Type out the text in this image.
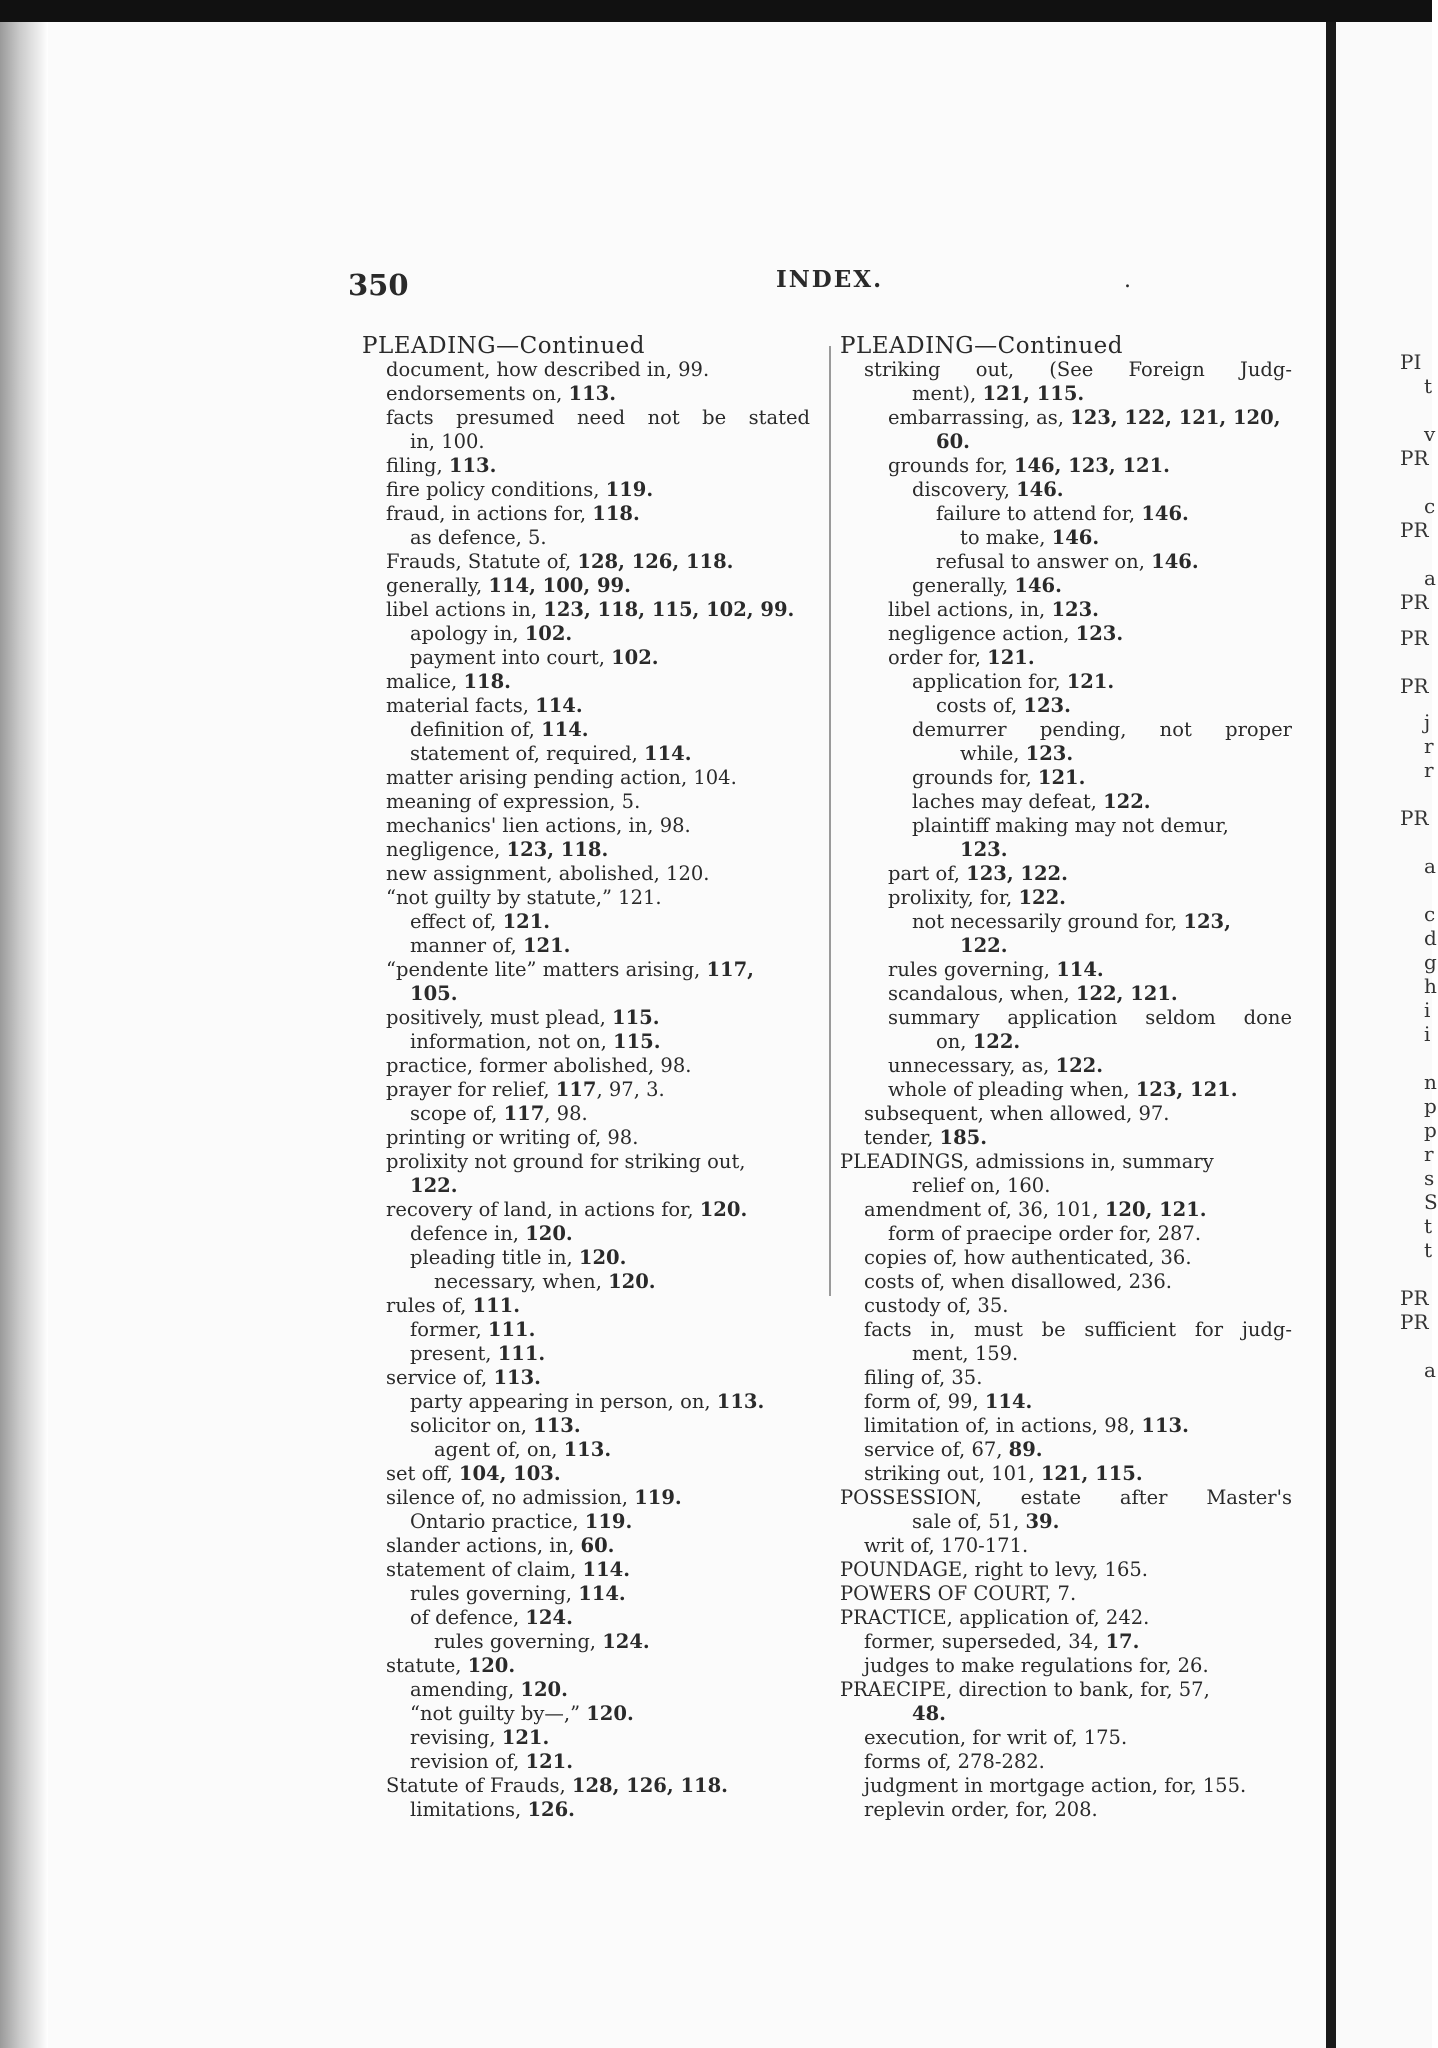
PI
t
v
PR
c
PR
a
PR
PR
PR
j
r
r
PR
a
c
d
g
h
i
i
n
p
p
r
s
S
t
t
PR
PR
a
350	INDEX.	.
PLEADING—Continued
document, how described in, 99.
endorsements on, 113.
facts presumed need not be stated
in, 100.
filing, 113.
fire policy conditions, 119.
fraud, in actions for, 118.
as defence, 5.
Frauds, Statute of, 128, 126, 118.
generally, 114, 100, 99.
libel actions in, 123, 118, 115, 102, 99.
apology in, 102.
payment into court, 102.
malice, 118.
material facts, 114.
definition of, 114.
statement of, required, 114.
matter arising pending action, 104.
meaning of expression, 5.
mechanics' lien actions, in, 98.
negligence, 123, 118.
new assignment, abolished, 120.
“not guilty by statute,” 121.
effect of, 121.
manner of, 121.
“pendente lite” matters arising, 117,
105.
positively, must plead, 115.
information, not on, 115.
practice, former abolished, 98.
prayer for relief, 117, 97, 3.
scope of, 117, 98.
printing or writing of, 98.
prolixity not ground for striking out,
122.
recovery of land, in actions for, 120.
defence in, 120.
pleading title in, 120.
necessary, when, 120.
rules of, 111.
former, 111.
present, 111.
service of, 113.
party appearing in person, on, 113.
solicitor on, 113.
agent of, on, 113.
set off, 104, 103.
silence of, no admission, 119.
Ontario practice, 119.
slander actions, in, 60.
statement of claim, 114.
rules governing, 114.
of defence, 124.
rules governing, 124.
statute, 120.
amending, 120.
“not guilty by—,” 120.
revising, 121.
revision of, 121.
Statute of Frauds, 128, 126, 118.
limitations, 126.
PLEADING—Continued
striking out, (See Foreign Judg-
ment), 121, 115.
embarrassing, as, 123, 122, 121, 120,
60.
grounds for, 146, 123, 121.
discovery, 146.
failure to attend for, 146.
to make, 146.
refusal to answer on, 146.
generally, 146.
libel actions, in, 123.
negligence action, 123.
order for, 121.
application for, 121.
costs of, 123.
demurrer pending, not proper
while, 123.
grounds for, 121.
laches may defeat, 122.
plaintiff making may not demur,
123.
part of, 123, 122.
prolixity, for, 122.
not necessarily ground for, 123,
122.
rules governing, 114.
scandalous, when, 122, 121.
summary application seldom done
on, 122.
unnecessary, as, 122.
whole of pleading when, 123, 121.
subsequent, when allowed, 97.
tender, 185.
PLEADINGS, admissions in, summary
relief on, 160.
amendment of, 36, 101, 120, 121.
form of praecipe order for, 287.
copies of, how authenticated, 36.
costs of, when disallowed, 236.
custody of, 35.
facts in, must be sufficient for judg-
ment, 159.
filing of, 35.
form of, 99, 114.
limitation of, in actions, 98, 113.
service of, 67, 89.
striking out, 101, 121, 115.
POSSESSION, estate after Master's
sale of, 51, 39.
writ of, 170-171.
POUNDAGE, right to levy, 165.
POWERS OF COURT, 7.
PRACTICE, application of, 242.
former, superseded, 34, 17.
judges to make regulations for, 26.
PRAECIPE, direction to bank, for, 57,
48.
execution, for writ of, 175.
forms of, 278-282.
judgment in mortgage action, for, 155.
replevin order, for, 208.
